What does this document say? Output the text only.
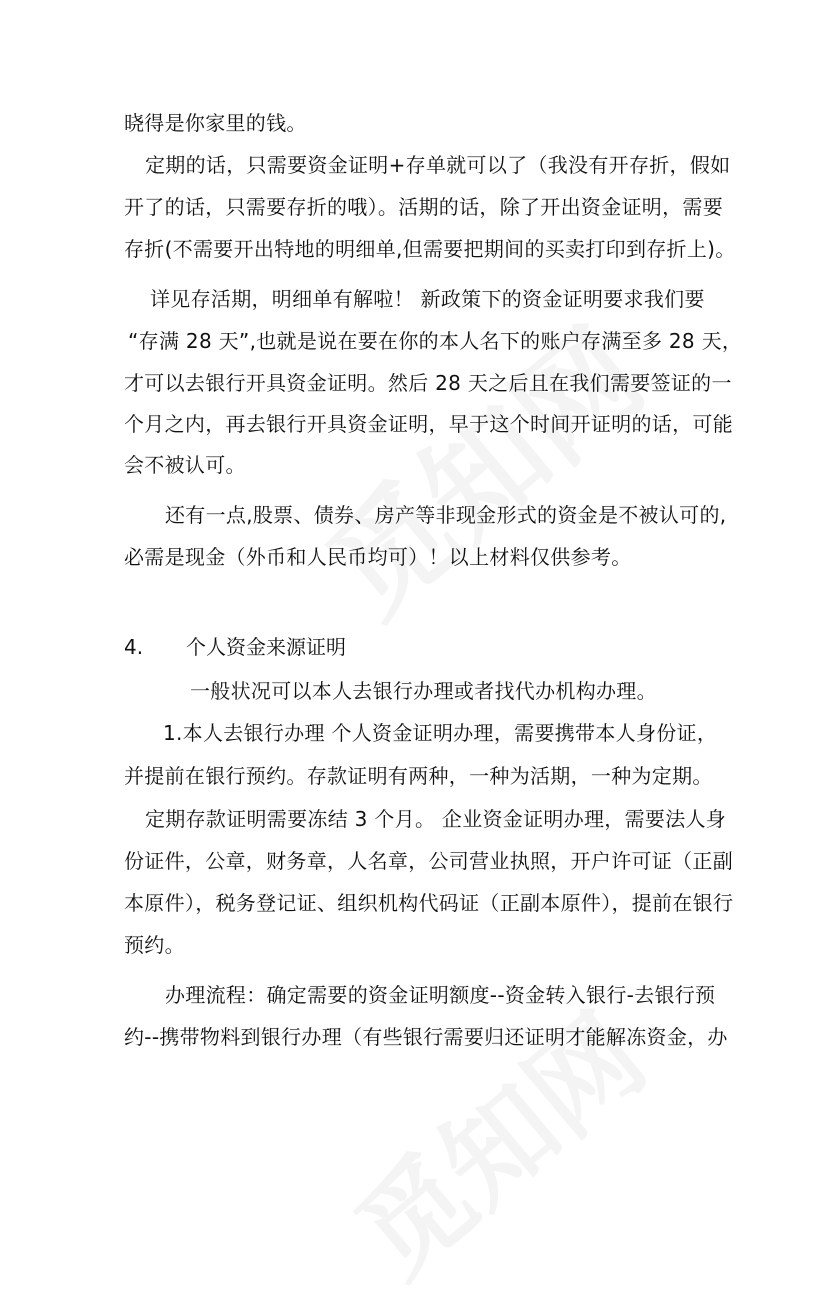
晓得是你家里的钱。
定期的话，只需要资金证明+存单就可以了（我没有开存折，假如
开了的话，只需要存折的哦）。活期的话，除了开出资金证明，需要
存折(不需要开出特地的明细单,但需要把期间的买卖打印到存折上)。
详见存活期，明细单有解啦！ 新政策下的资金证明要求我们要
“存满 28 天”,也就是说在要在你的本人名下的账户存满至多 28 天，
才可以去银行开具资金证明。然后 28 天之后且在我们需要签证的一
个月之内，再去银行开具资金证明，早于这个时间开证明的话，可能
会不被认可。
还有一点,股票、债券、房产等非现金形式的资金是不被认可的,
必需是现金（外币和人民币均可）！以上材料仅供参考。
4. 个人资金来源证明
一般状况可以本人去银行办理或者找代办机构办理。
1.本人去银行办理 个人资金证明办理，需要携带本人身份证，
并提前在银行预约。存款证明有两种，一种为活期，一种为定期。
定期存款证明需要冻结 3 个月。 企业资金证明办理，需要法人身
份证件，公章，财务章，人名章，公司营业执照，开户许可证（正副
本原件），税务登记证、组织机构代码证（正副本原件），提前在银行
预约。
办理流程：确定需要的资金证明额度--资金转入银行-去银行预
约--携带物料到银行办理（有些银行需要归还证明才能解冻资金，办
